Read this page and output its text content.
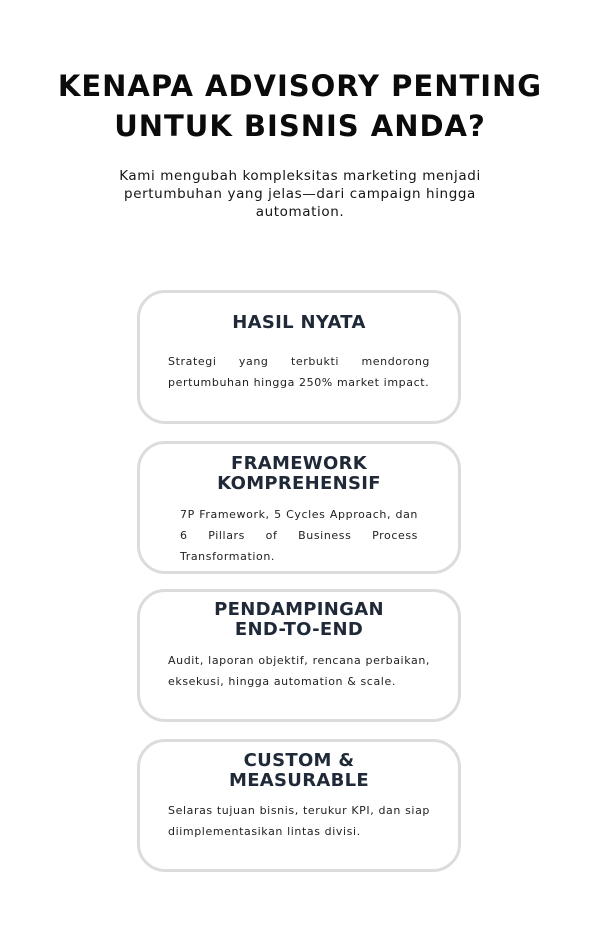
KENAPA ADVISORY PENTING
UNTUK BISNIS ANDA?
Kami mengubah kompleksitas marketing menjadi
pertumbuhan yang jelas—dari campaign hingga
automation.
HASIL NYATA
Strategi yang terbukti mendorong pertumbuhan hingga 250% market impact.
FRAMEWORK
KOMPREHENSIF
7P Framework, 5 Cycles Approach, dan 6 Pillars of Business Process Transformation.
PENDAMPINGAN
END-TO-END
Audit, laporan objektif, rencana perbaikan, eksekusi, hingga automation & scale.
CUSTOM &
MEASURABLE
Selaras tujuan bisnis, terukur KPI, dan siap diimplementasikan lintas divisi.
